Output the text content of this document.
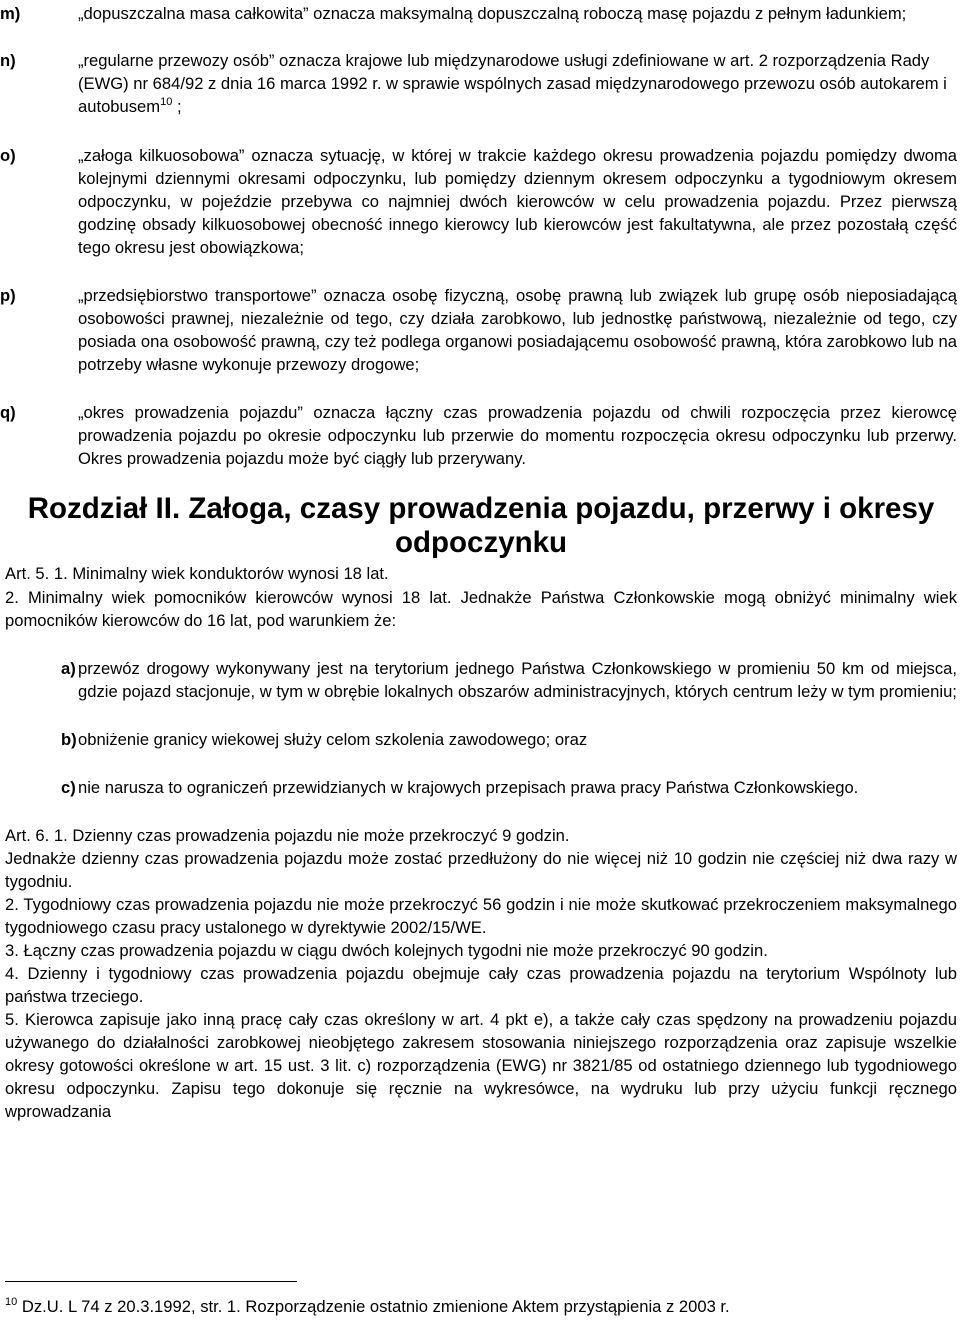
m)	„dopuszczalna masa całkowita” oznacza maksymalną dopuszczalną roboczą masę pojazdu z pełnym ładunkiem;
n)	„regularne przewozy osób” oznacza krajowe lub międzynarodowe usługi zdefiniowane w art. 2 rozporządzenia Rady (EWG) nr 684/92 z dnia 16 marca 1992 r. w sprawie wspólnych zasad międzynarodowego przewozu osób autokarem i autobusem$^{10}$ ;
o)	„załoga kilkuosobowa” oznacza sytuację, w której w trakcie każdego okresu prowadzenia pojazdu pomiędzy dwoma kolejnymi dziennymi okresami odpoczynku, lub pomiędzy dziennym okresem odpoczynku a tygodniowym okresem odpoczynku, w pojeździe przebywa co najmniej dwóch kierowców w celu prowadzenia pojazdu. Przez pierwszą godzinę obsady kilkuosobowej obecność innego kierowcy lub kierowców jest fakultatywna, ale przez pozostałą część tego okresu jest obowiązkowa;
p)	„przedsiębiorstwo transportowe” oznacza osobę fizyczną, osobę prawną lub związek lub grupę osób nieposiadającą osobowości prawnej, niezależnie od tego, czy działa zarobkowo, lub jednostkę państwową, niezależnie od tego, czy posiada ona osobowość prawną, czy też podlega organowi posiadającemu osobowość prawną, która zarobkowo lub na potrzeby własne wykonuje przewozy drogowe;
q)	„okres prowadzenia pojazdu” oznacza łączny czas prowadzenia pojazdu od chwili rozpoczęcia przez kierowcę prowadzenia pojazdu po okresie odpoczynku lub przerwie do momentu rozpoczęcia okresu odpoczynku lub przerwy. Okres prowadzenia pojazdu może być ciągły lub przerywany.
Rozdział II. Załoga, czasy prowadzenia pojazdu, przerwy i okresy odpoczynku

Art. 5. 1. Minimalny wiek konduktorów wynosi 18 lat.

2. Minimalny wiek pomocników kierowców wynosi 18 lat. Jednakże Państwa Członkowskie mogą obniżyć minimalny wiek pomocników kierowców do 16 lat, pod warunkiem że:

a) przewóz drogowy wykonywany jest na terytorium jednego Państwa Członkowskiego w promieniu 50 km od miejsca, gdzie pojazd stacjonuje, w tym w obrębie lokalnych obszarów administracyjnych, których centrum leży w tym promieniu;
b) obniżenie granicy wiekowej służy celom szkolenia zawodowego; oraz
c) nie narusza to ograniczeń przewidzianych w krajowych przepisach prawa pracy Państwa Członkowskiego.

Art. 6. 1. Dzienny czas prowadzenia pojazdu nie może przekroczyć 9 godzin.

Jednakże dzienny czas prowadzenia pojazdu może zostać przedłużony do nie więcej niż 10 godzin nie częściej niż dwa razy w tygodniu.

2. Tygodniowy czas prowadzenia pojazdu nie może przekroczyć 56 godzin i nie może skutkować przekroczeniem maksymalnego tygodniowego czasu pracy ustalonego w dyrektywie 2002/15/WE.

3. Łączny czas prowadzenia pojazdu w ciągu dwóch kolejnych tygodni nie może przekroczyć 90 godzin.

4. Dzienny i tygodniowy czas prowadzenia pojazdu obejmuje cały czas prowadzenia pojazdu na terytorium Wspólnoty lub państwa trzeciego.

5. Kierowca zapisuje jako inną pracę cały czas określony w art. 4 pkt e), a także cały czas spędzony na prowadzeniu pojazdu używanego do działalności zarobkowej nieobjętego zakresem stosowania niniejszego rozporządzenia oraz zapisuje wszelkie okresy gotowości określone w art. 15 ust. 3 lit. c) rozporządzenia (EWG) nr 3821/85 od ostatniego dziennego lub tygodniowego okresu odpoczynku. Zapisu tego dokonuje się ręcznie na wykresówce, na wydruku lub przy użyciu funkcji ręcznego wprowadzania

$^{10}$ Dz.U. L 74 z 20.3.1992, str. 1. Rozporządzenie ostatnio zmienione Aktem przystąpienia z 2003 r.
